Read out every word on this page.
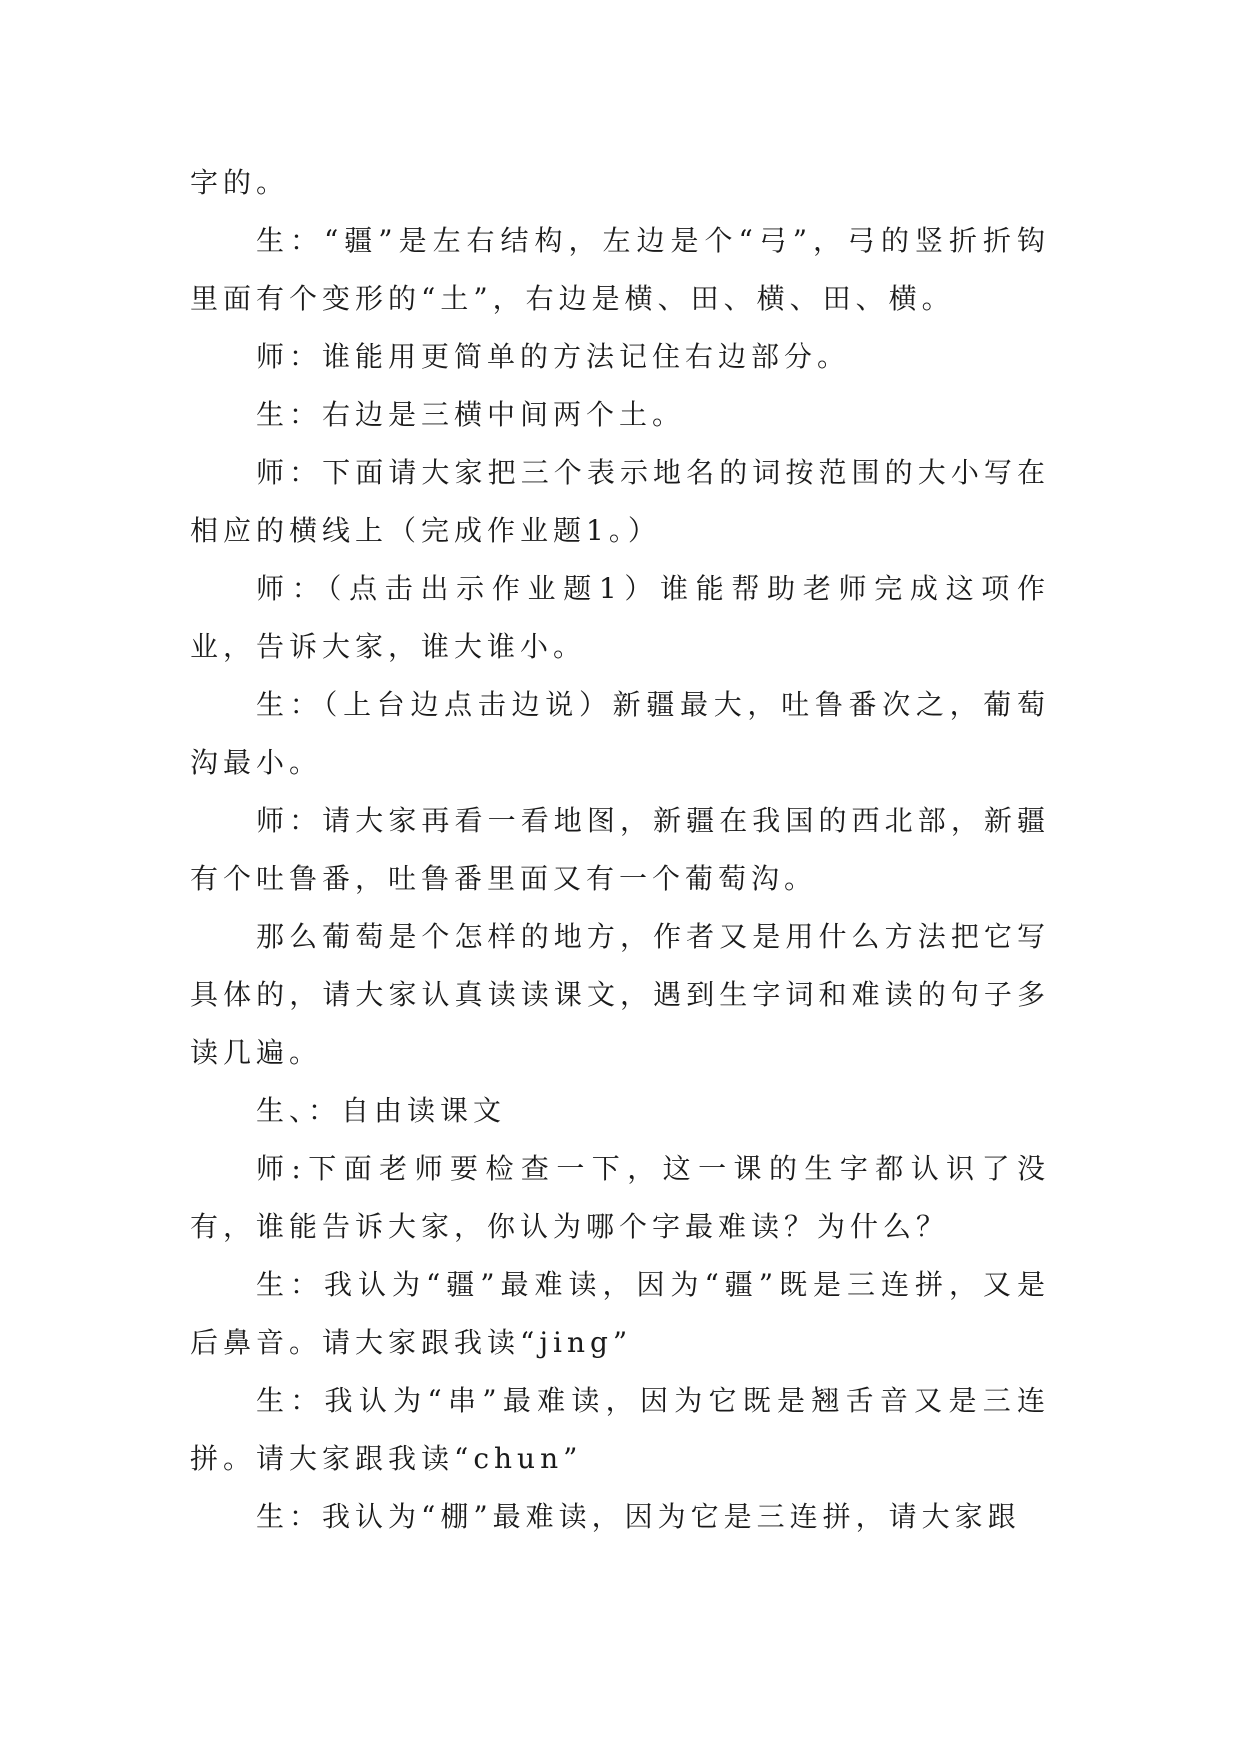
字的。

生：“疆”是左右结构，左边是个“弓”，弓的竖折折钩里面有个变形的“土”，右边是横、田、横、田、横。

师：谁能用更简单的方法记住右边部分。

生：右边是三横中间两个土。

师：下面请大家把三个表示地名的词按范围的大小写在相应的横线上（完成作业题1。）

师：（点击出示作业题1）谁能帮助老师完成这项作业，告诉大家，谁大谁小。

生：（上台边点击边说）新疆最大，吐鲁番次之，葡萄沟最小。

师：请大家再看一看地图，新疆在我国的西北部，新疆有个吐鲁番，吐鲁番里面又有一个葡萄沟。

那么葡萄是个怎样的地方，作者又是用什么方法把它写具体的，请大家认真读读课文，遇到生字词和难读的句子多读几遍。

生、：自由读课文

师:下面老师要检查一下，这一课的生字都认识了没有，谁能告诉大家，你认为哪个字最难读？为什么？

生：我认为“疆”最难读，因为“疆”既是三连拼，又是后鼻音。请大家跟我读“jing”

生：我认为“串”最难读，因为它既是翘舌音又是三连拼。请大家跟我读“chun”

生：我认为“棚”最难读，因为它是三连拼，请大家跟
